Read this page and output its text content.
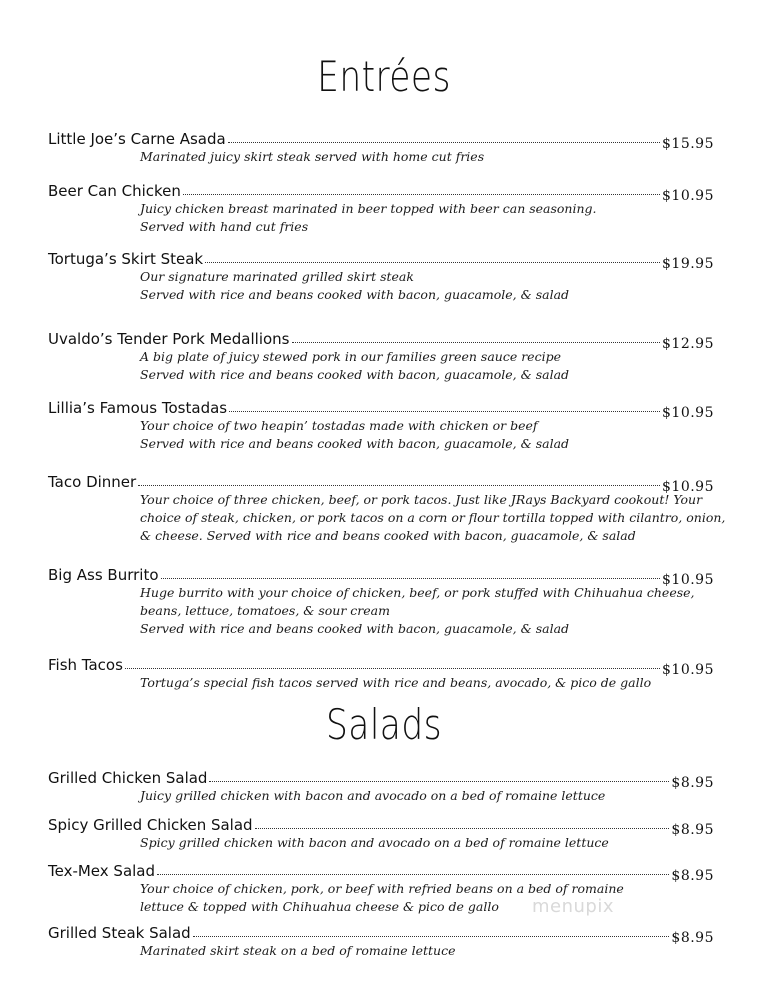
Entrées
Little Joe’s Carne Asada	$15.95
Marinated juicy skirt steak served with home cut fries
Beer Can Chicken	$10.95
Juicy chicken breast marinated in beer topped with beer can seasoning.
Served with hand cut fries
Tortuga’s Skirt Steak	$19.95
Our signature marinated grilled skirt steak
Served with rice and beans cooked with bacon, guacamole, & salad
Uvaldo’s Tender Pork Medallions	$12.95
A big plate of juicy stewed pork in our families green sauce recipe
Served with rice and beans cooked with bacon, guacamole, & salad
Lillia’s Famous Tostadas	$10.95
Your choice of two heapin’ tostadas made with chicken or beef
Served with rice and beans cooked with bacon, guacamole, & salad
Taco Dinner	$10.95
Your choice of three chicken, beef, or pork tacos. Just like JRays Backyard cookout! Your
choice of steak, chicken, or pork tacos on a corn or flour tortilla topped with cilantro, onion,
& cheese. Served with rice and beans cooked with bacon, guacamole, & salad
Big Ass Burrito	$10.95
Huge burrito with your choice of chicken, beef, or pork stuffed with Chihuahua cheese,
beans, lettuce, tomatoes, & sour cream
Served with rice and beans cooked with bacon, guacamole, & salad
Fish Tacos	$10.95
Tortuga’s special fish tacos served with rice and beans, avocado, & pico de gallo
Salads
Grilled Chicken Salad	$8.95
Juicy grilled chicken with bacon and avocado on a bed of romaine lettuce
Spicy Grilled Chicken Salad	$8.95
Spicy grilled chicken with bacon and avocado on a bed of romaine lettuce
Tex-Mex Salad	$8.95
Your choice of chicken, pork, or beef with refried beans on a bed of romaine
lettuce & topped with Chihuahua cheese & pico de gallo
Grilled Steak Salad	$8.95
Marinated skirt steak on a bed of romaine lettuce
menupix
